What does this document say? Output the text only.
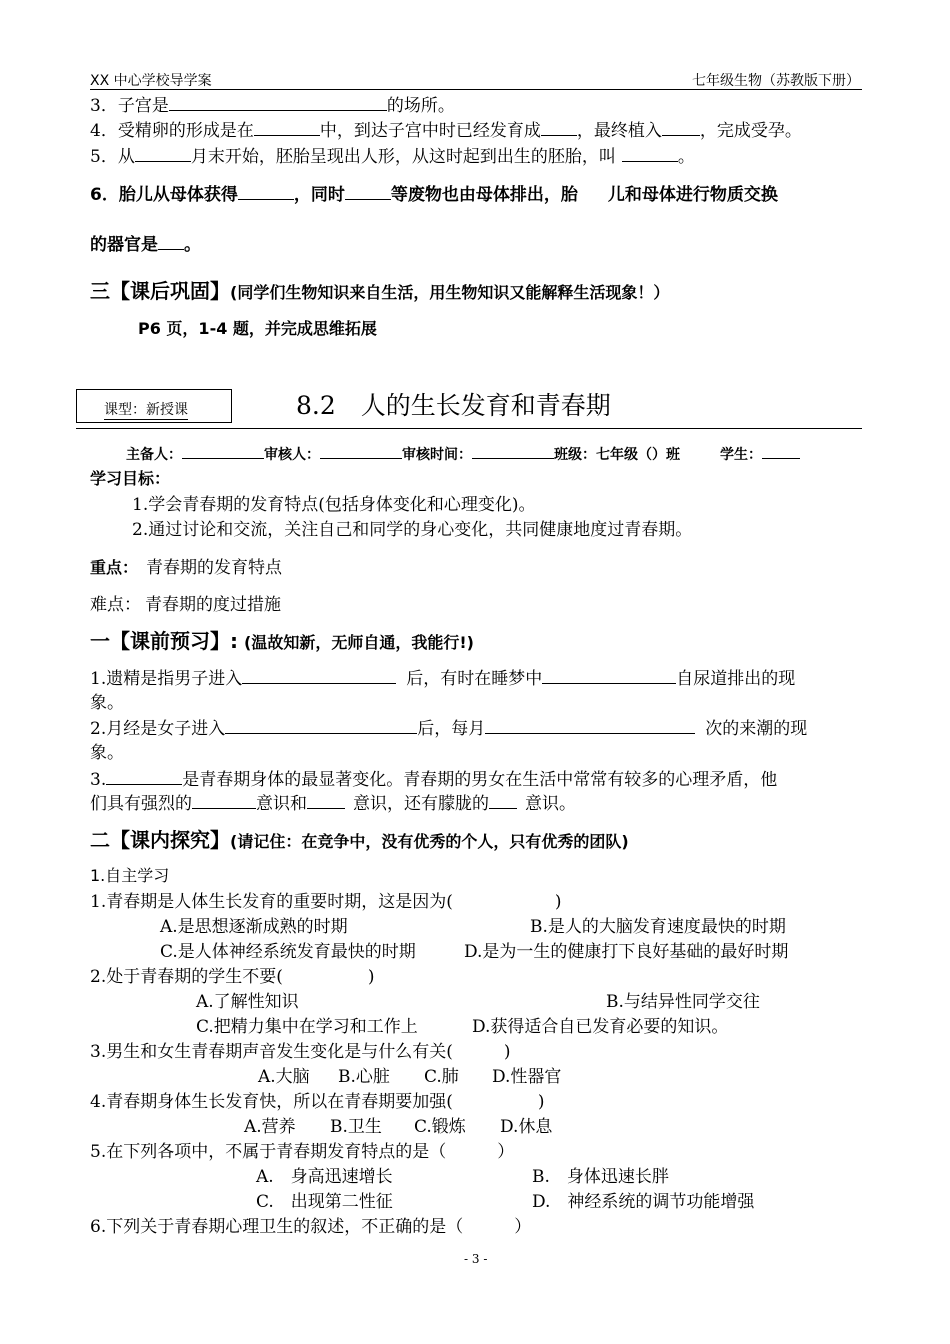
XX 中心学校导学案	七年级生物（苏教版下册）
3．子宫是	的场所。
4．受精卵的形成是在	中，到达子宫中时已经发育成 ，最终植入 ，完成受孕。
5．从	月末开始，胚胎呈现出人形，从这时起到出生的胚胎，叫	。
6．胎儿从母体获得	，同时	等废物也由母体排出，胎 儿和母体进行物质交换
的器官是 。
三【课后巩固】(同学们生物知识来自生活，用生物知识又能解释生活现象！）
P6 页，1-4 题，并完成思维拓展
课型：新授课	8.2　人的生长发育和青春期
主备人：	审核人：	审核时间：	班级：七年级（）班	学生：
学习目标：
1.学会青春期的发育特点(包括身体变化和心理变化)。
2.通过讨论和交流，关注自己和同学的身心变化，共同健康地度过青春期。
重点： 青春期的发育特点
难点： 青春期的度过措施
一【课前预习】: (温故知新，无师自通，我能行!)
1.遗精是指男子进入	后，有时在睡梦中	自尿道排出的现
象。
2.月经是女子进入	后，每月	次的来潮的现
象。
3.	是青春期身体的最显著变化。青春期的男女在生活中常常有较多的心理矛盾，他
们具有强烈的	意识和	意识，还有朦胧的 意识。
二【课内探究】(请记住：在竞争中，没有优秀的个人，只有优秀的团队)
1.自主学习
1.青春期是人体生长发育的重要时期，这是因为(　　　　　　)
A.是思想逐渐成熟的时期	B.是人的大脑发育速度最快的时期
C.是人体神经系统发育最快的时期	D.是为一生的健康打下良好基础的最好时期
2.处于青春期的学生不要(　　　　　)
A.了解性知识	B.与结异性同学交往
C.把精力集中在学习和工作上	D.获得适合自已发育必要的知识。
3.男生和女生青春期声音发生变化是与什么有关(　　　)
A.大脑 B.心脏 C.肺 D.性器官
4.青春期身体生长发育快，所以在青春期要加强(　　　　　)
A.营养 B.卫生 C.锻炼 D.休息
5.在下列各项中，不属于青春期发育特点的是（　　　）
A.　身高迅速增长	B.　身体迅速长胖
C.　出现第二性征	D.　神经系统的调节功能增强
6.下列关于青春期心理卫生的叙述，不正确的是（　　　）
- 3 -
